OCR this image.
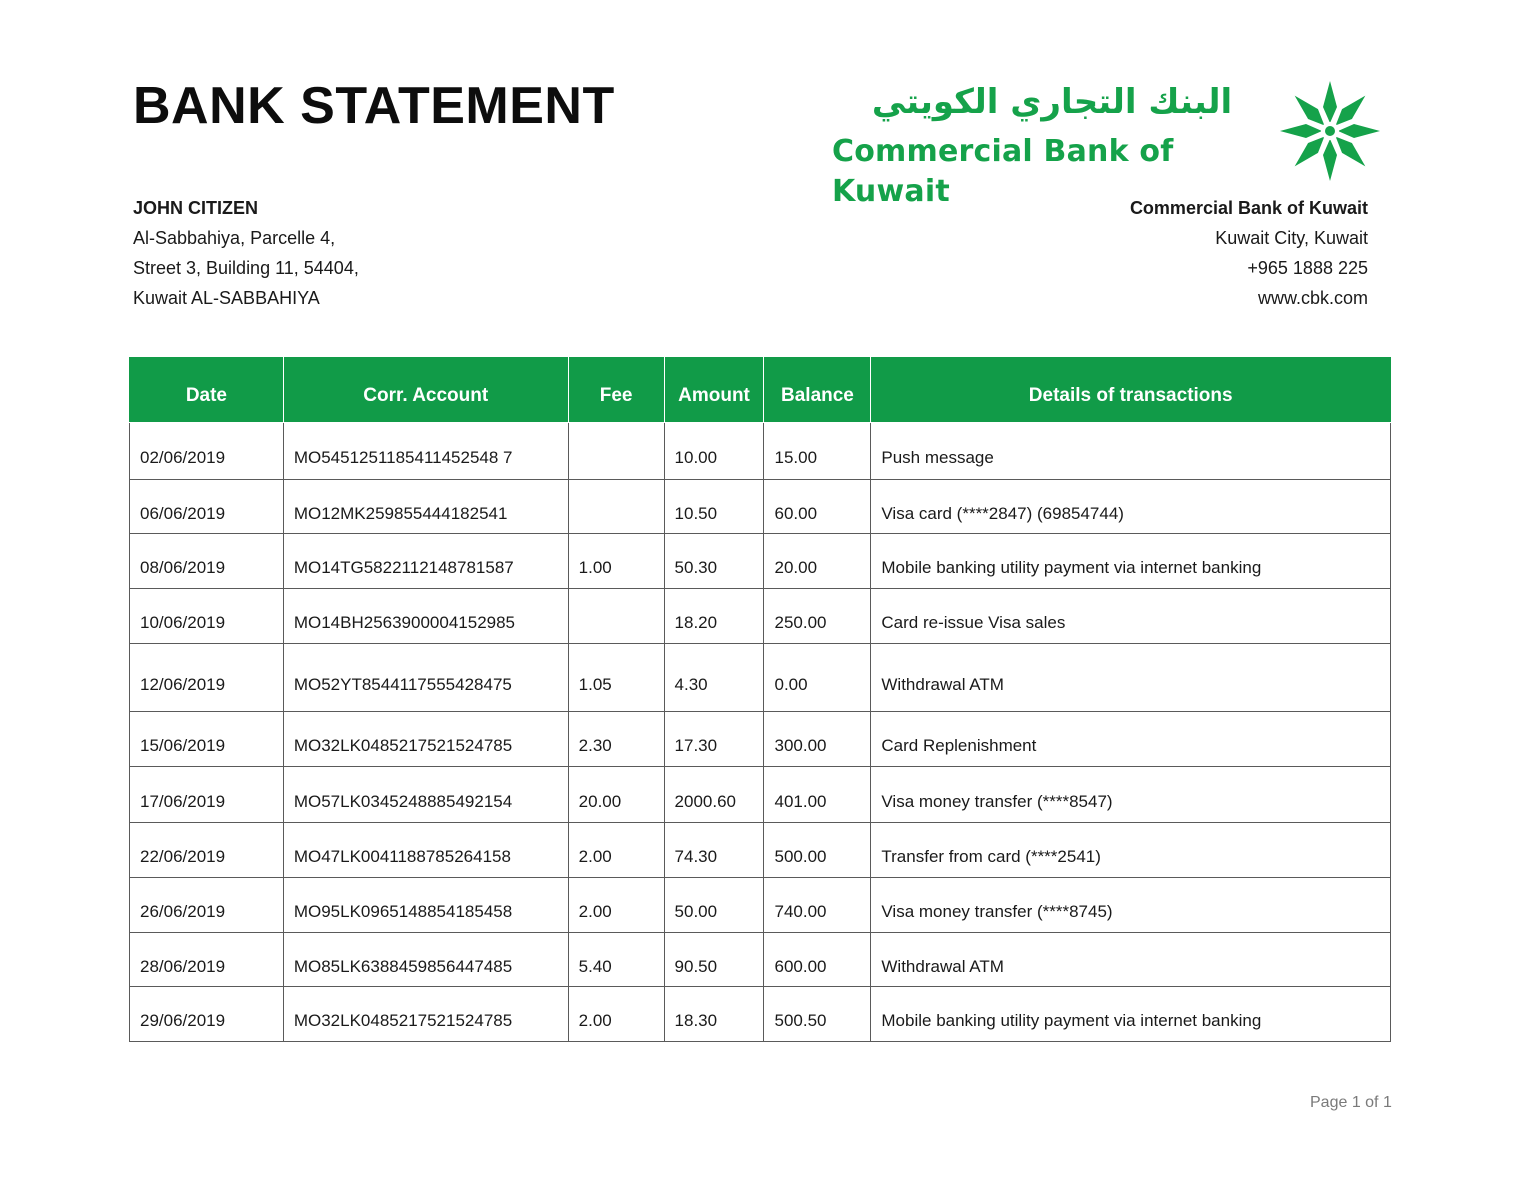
BANK STATEMENT	البنك التجاري الكويتي
Commercial Bank of Kuwait
JOHN CITIZEN
Al-Sabbahiya, Parcelle 4,
Street 3, Building 11, 54404,
Kuwait AL-SABBAHIYA
Commercial Bank of Kuwait
Kuwait City, Kuwait
+965 1888 225
www.cbk.com
Date	Corr. Account	Fee	Amount	Balance	Details of transactions
02/06/2019	MO5451251185411452548 7		10.00	15.00	Push message
06/06/2019	MO12MK259855444182541		10.50	60.00	Visa card (****2847) (69854744)
08/06/2019	MO14TG5822112148781587	1.00	50.30	20.00	Mobile banking utility payment via internet banking
10/06/2019	MO14BH2563900004152985		18.20	250.00	Card re-issue Visa sales
12/06/2019	MO52YT8544117555428475	1.05	4.30	0.00	Withdrawal ATM
15/06/2019	MO32LK0485217521524785	2.30	17.30	300.00	Card Replenishment
17/06/2019	MO57LK0345248885492154	20.00	2000.60	401.00	Visa money transfer (****8547)
22/06/2019	MO47LK0041188785264158	2.00	74.30	500.00	Transfer from card (****2541)
26/06/2019	MO95LK0965148854185458	2.00	50.00	740.00	Visa money transfer (****8745)
28/06/2019	MO85LK6388459856447485	5.40	90.50	600.00	Withdrawal ATM
29/06/2019	MO32LK0485217521524785	2.00	18.30	500.50	Mobile banking utility payment via internet banking
Page 1 of 1
